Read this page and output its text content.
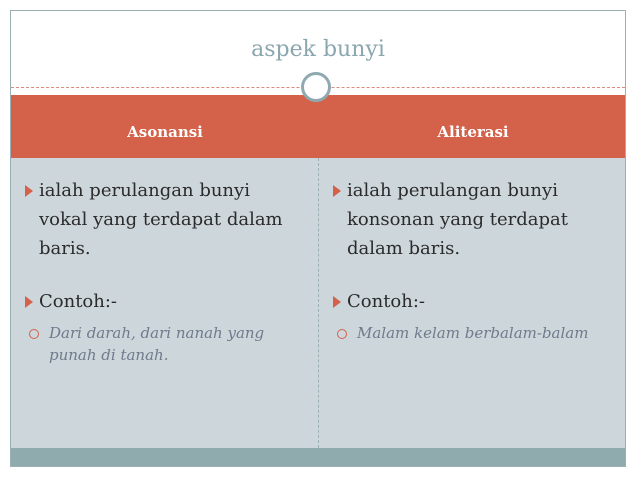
aspek bunyi
Asonansi	Aliterasi
ialah perulangan bunyi vokal yang terdapat dalam baris.
Contoh:-
Dari darah, dari nanah yang punah di tanah.
ialah perulangan bunyi konsonan yang terdapat dalam baris.
Contoh:-
Malam kelam berbalam-balam
